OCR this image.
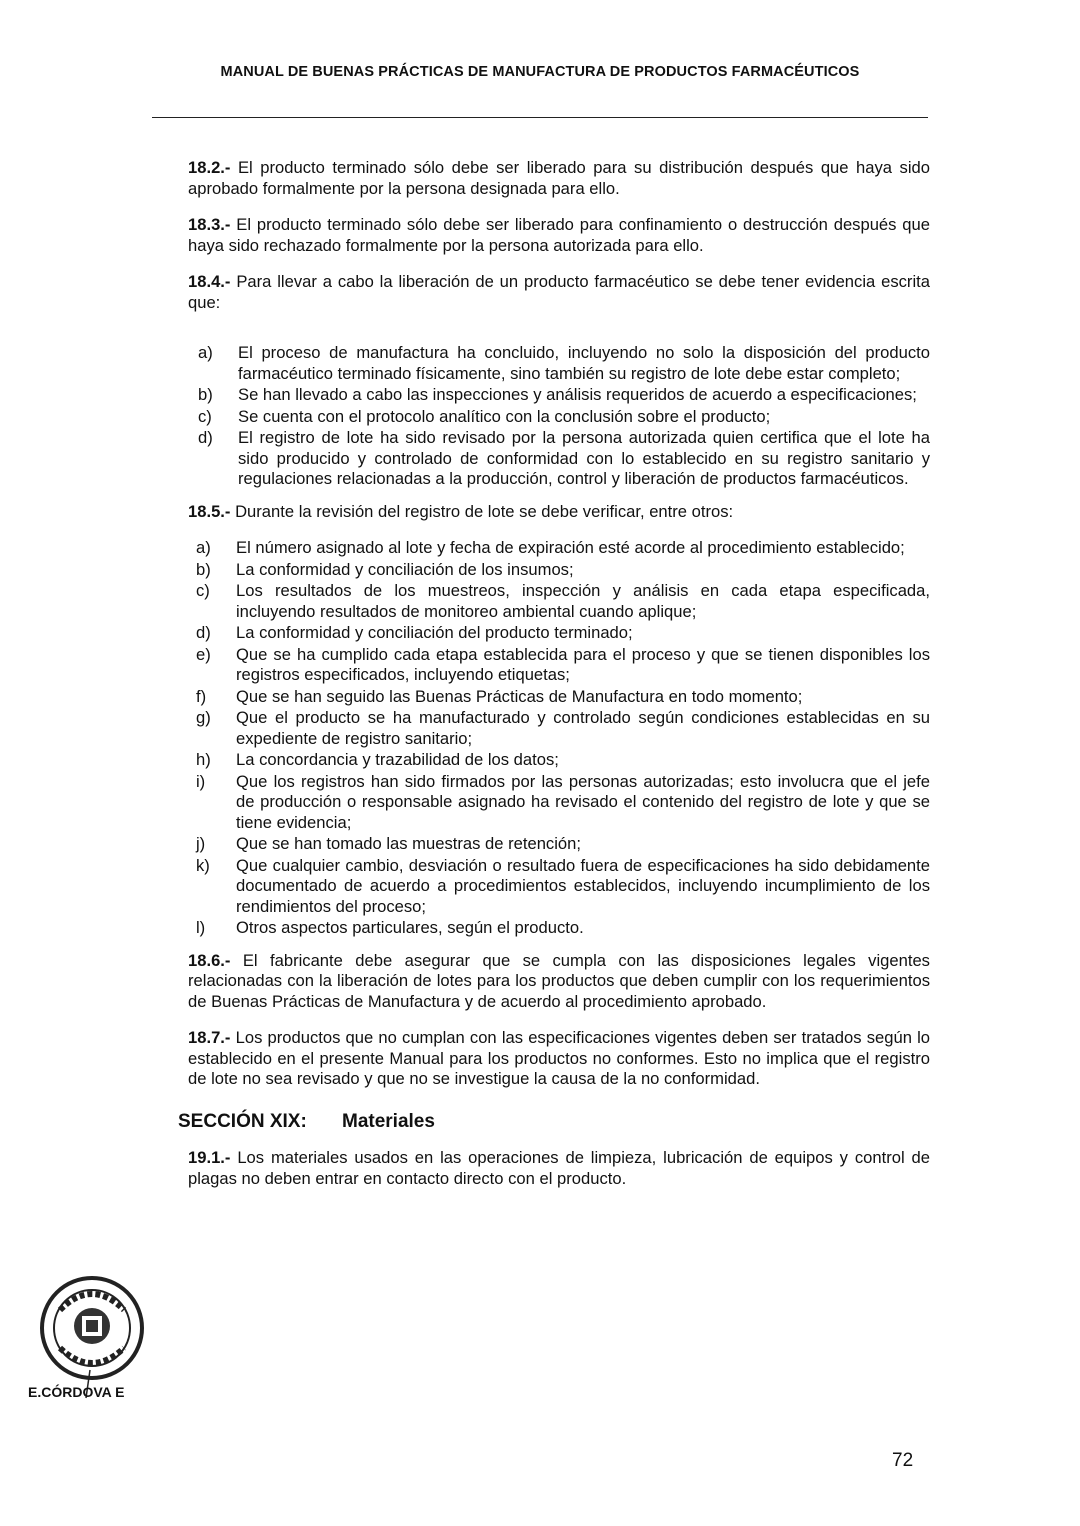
MANUAL DE BUENAS PRÁCTICAS DE MANUFACTURA DE PRODUCTOS FARMACÉUTICOS

18.2.- El producto terminado sólo debe ser liberado para su distribución después que haya sido aprobado formalmente por la persona designada para ello.

18.3.- El producto terminado sólo debe ser liberado para confinamiento o destrucción después que haya sido rechazado formalmente por la persona autorizada para ello.

18.4.- Para llevar a cabo la liberación de un producto farmacéutico se debe tener evidencia escrita que:

a) El proceso de manufactura ha concluido, incluyendo no solo la disposición del producto farmacéutico terminado físicamente, sino también su registro de lote debe estar completo;
b) Se han llevado a cabo las inspecciones y análisis requeridos de acuerdo a especificaciones;
c) Se cuenta con el protocolo analítico con la conclusión sobre el producto;
d) El registro de lote ha sido revisado por la persona autorizada quien certifica que el lote ha sido producido y controlado de conformidad con lo establecido en su registro sanitario y regulaciones relacionadas a la producción, control y liberación de productos farmacéuticos.

18.5.- Durante la revisión del registro de lote se debe verificar, entre otros:

a) El número asignado al lote y fecha de expiración esté acorde al procedimiento establecido;
b) La conformidad y conciliación de los insumos;
c) Los resultados de los muestreos, inspección y análisis en cada etapa especificada, incluyendo resultados de monitoreo ambiental cuando aplique;
d) La conformidad y conciliación del producto terminado;
e) Que se ha cumplido cada etapa establecida para el proceso y que se tienen disponibles los registros especificados, incluyendo etiquetas;
f) Que se han seguido las Buenas Prácticas de Manufactura en todo momento;
g) Que el producto se ha manufacturado y controlado según condiciones establecidas en su expediente de registro sanitario;
h) La concordancia y trazabilidad de los datos;
i) Que los registros han sido firmados por las personas autorizadas; esto involucra que el jefe de producción o responsable asignado ha revisado el contenido del registro de lote y que se tiene evidencia;
j) Que se han tomado las muestras de retención;
k) Que cualquier cambio, desviación o resultado fuera de especificaciones ha sido debidamente documentado de acuerdo a procedimientos establecidos, incluyendo incumplimiento de los rendimientos del proceso;
l) Otros aspectos particulares, según el producto.

18.6.- El fabricante debe asegurar que se cumpla con las disposiciones legales vigentes relacionadas con la liberación de lotes para los productos que deben cumplir con los requerimientos de Buenas Prácticas de Manufactura y de acuerdo al procedimiento aprobado.

18.7.- Los productos que no cumplan con las especificaciones vigentes deben ser tratados según lo establecido en el presente Manual para los productos no conformes. Esto no implica que el registro de lote no sea revisado y que no se investigue la causa de la no conformidad.

SECCIÓN XIX:	Materiales

19.1.- Los materiales usados en las operaciones de limpieza, lubricación de equipos y control de plagas no deben entrar en contacto directo con el producto.

E.CÓRDOVA E
72
